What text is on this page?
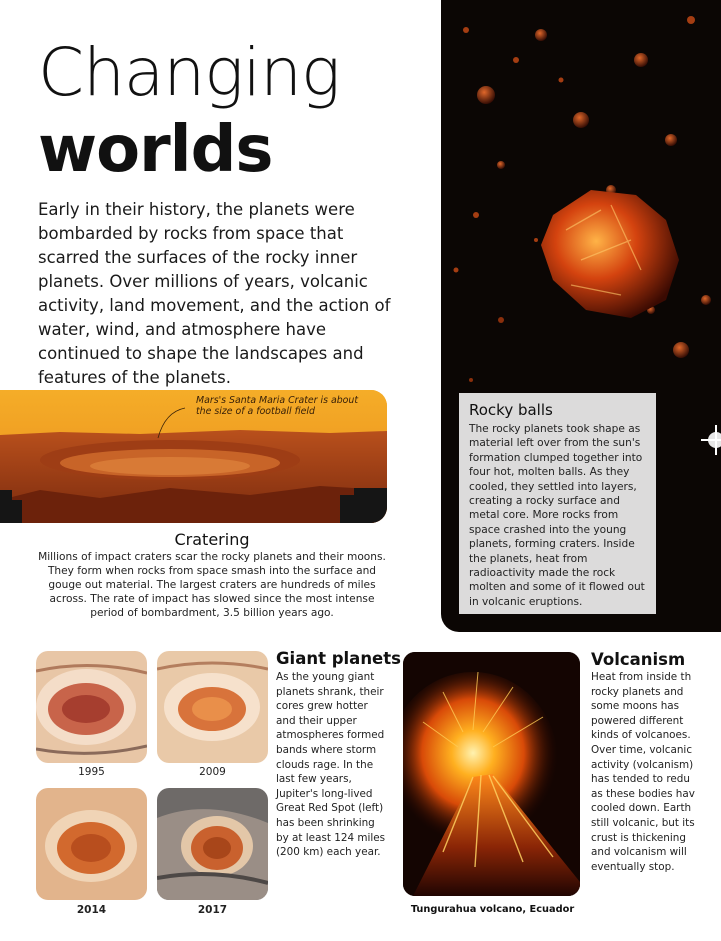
Changing
worlds
Early in their history, the planets were bombarded by rocks from space that scarred the surfaces of the rocky inner planets. Over millions of years, volcanic activity, land movement, and the action of water, wind, and atmosphere have continued to shape the landscapes and features of the planets.
Rocky balls
The rocky planets took shape as material left over from the sun's formation clumped together into four hot, molten balls. As they cooled, they settled into layers, creating a rocky surface and metal core. More rocks from space crashed into the young planets, forming craters. Inside the planets, heat from radioactivity made the rock molten and some of it flowed out in volcanic eruptions.
Mars's Santa Maria Crater is about the size of a football field
Cratering
Millions of impact craters scar the rocky planets and their moons. They form when rocks from space smash into the surface and gouge out material. The largest craters are hundreds of miles across. The rate of impact has slowed since the most intense period of bombardment, 3.5 billion years ago.
1995	2009
2014	2017
Giant planets
As the young giant planets shrank, their cores grew hotter and their upper atmospheres formed bands where storm clouds rage. In the last few years, Jupiter's long-lived Great Red Spot (left) has been shrinking by at least 124 miles (200 km) each year.
Tungurahua volcano, Ecuador
Volcanism
Heat from inside th
rocky planets and
some moons has
powered different
kinds of volcanoes.
Over time, volcanic
activity (volcanism)
has tended to redu
as these bodies hav
cooled down. Earth
still volcanic, but its
crust is thickening
and volcanism will
eventually stop.
